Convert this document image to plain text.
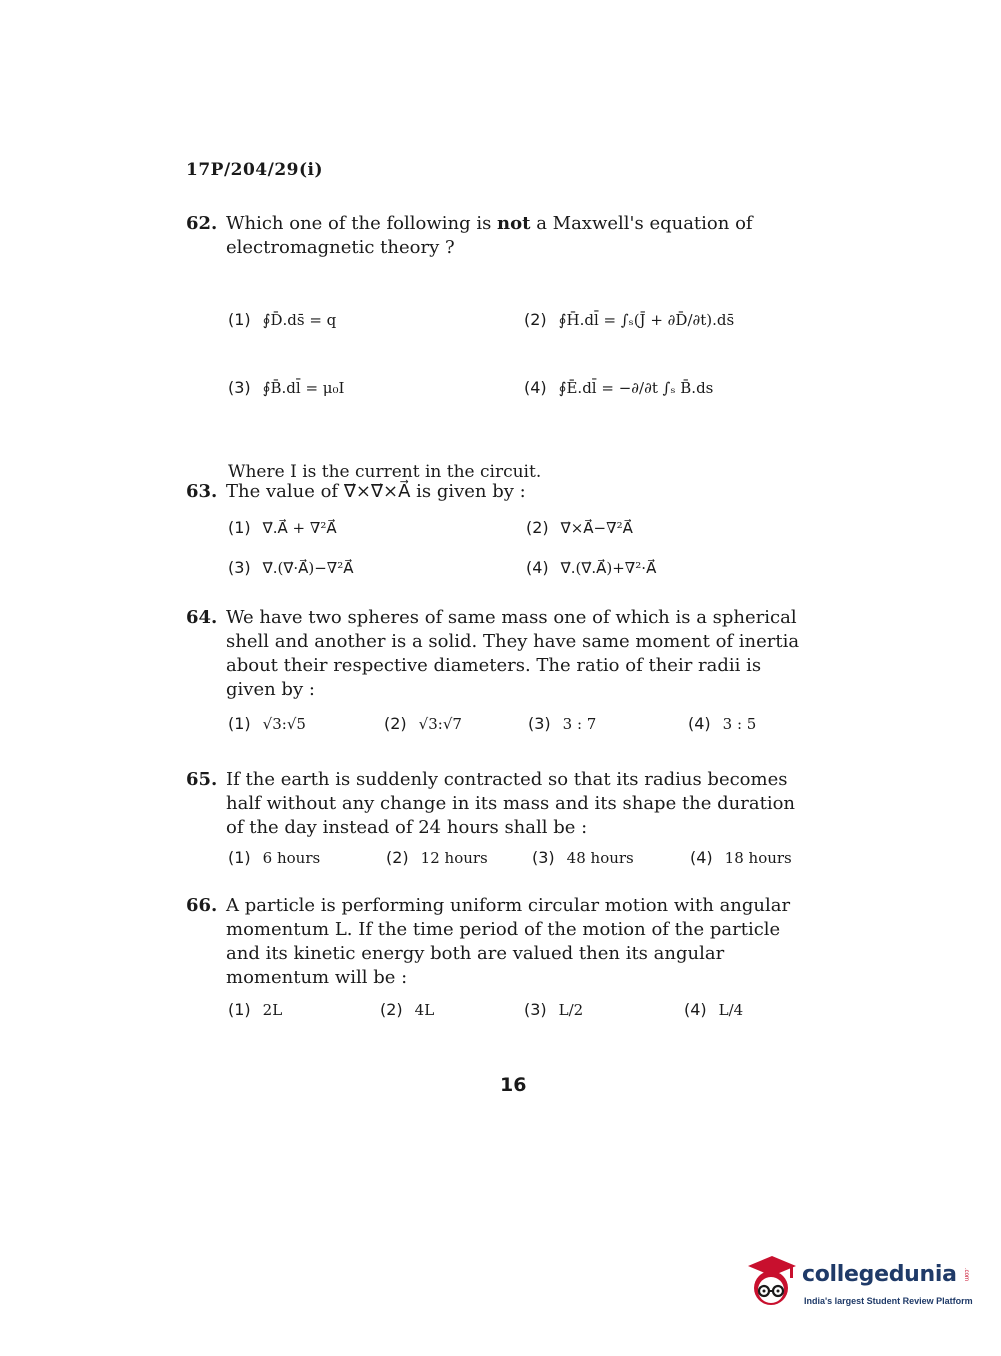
17P/204/29(i)
62. Which one of the following is not a Maxwell's equation of electromagnetic theory ?
(1) ∮D̄.ds̄ = q	(2) ∮H̄.dl̄ = ∫ₛ(J̄ + ∂D̄/∂t).ds̄
(3) ∮B̄.dl̄ = μ₀I	(4) ∮Ē.dl̄ = −∂/∂t ∫ₛ B̄.ds
Where I is the current in the circuit.
63. The value of ∇⃗×∇⃗×A⃗ is given by :
(1) ∇⃗.A⃗ + ∇²A⃗	(2) ∇⃗×A⃗−∇²A⃗
(3) ∇⃗.(∇⃗·A⃗)−∇²A⃗	(4) ∇⃗.(∇⃗.A⃗)+∇²·A⃗
64. We have two spheres of same mass one of which is a spherical shell and another is a solid. They have same moment of inertia about their respective diameters. The ratio of their radii is given by :
(1) √3:√5	(2) √3:√7	(3) 3 : 7	(4) 3 : 5
65. If the earth is suddenly contracted so that its radius becomes half without any change in its mass and its shape the duration of the day instead of 24 hours shall be :
(1) 6 hours	(2) 12 hours	(3) 48 hours	(4) 18 hours
66. A particle is performing uniform circular motion with angular momentum L. If the time period of the motion of the particle and its kinetic energy both are valued then its angular momentum will be :
(1) 2L	(2) 4L	(3) L/2	(4) L/4
16
collegedunia .com
India's largest Student Review Platform
